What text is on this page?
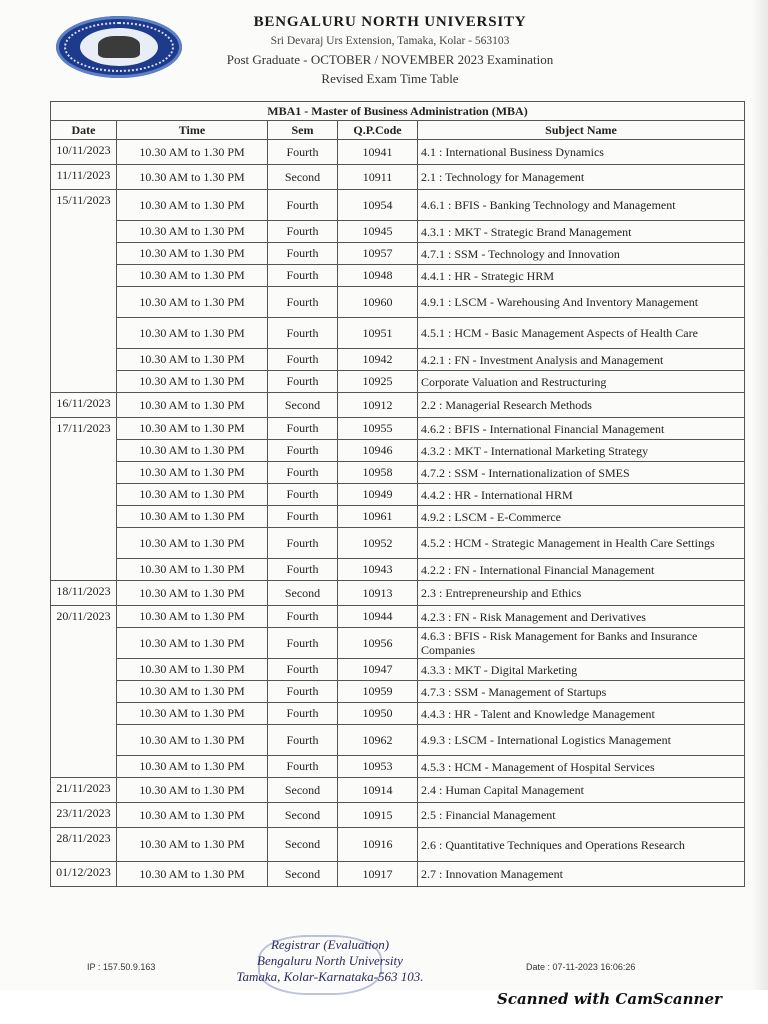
BENGALURU NORTH UNIVERSITY
Sri Devaraj Urs Extension, Tamaka, Kolar - 563103
Post Graduate - OCTOBER / NOVEMBER 2023 Examination
Revised Exam Time Table
MBA1 - Master of Business Administration (MBA)				
Date	Time	Sem	Q.P.Code	Subject Name
10/11/2023	10.30 AM to 1.30 PM	Fourth	10941	4.1 : International Business Dynamics
11/11/2023	10.30 AM to 1.30 PM	Second	10911	2.1 : Technology for Management
15/11/2023	10.30 AM to 1.30 PM	Fourth	10954	4.6.1 : BFIS - Banking Technology and Management
	10.30 AM to 1.30 PM	Fourth	10945	4.3.1 : MKT - Strategic Brand Management
	10.30 AM to 1.30 PM	Fourth	10957	4.7.1 : SSM - Technology and Innovation
	10.30 AM to 1.30 PM	Fourth	10948	4.4.1 : HR - Strategic HRM
	10.30 AM to 1.30 PM	Fourth	10960	4.9.1 : LSCM - Warehousing And Inventory Management
	10.30 AM to 1.30 PM	Fourth	10951	4.5.1 : HCM - Basic Management Aspects of Health Care
	10.30 AM to 1.30 PM	Fourth	10942	4.2.1 : FN - Investment Analysis and Management
	10.30 AM to 1.30 PM	Fourth	10925	Corporate Valuation and Restructuring
16/11/2023	10.30 AM to 1.30 PM	Second	10912	2.2 : Managerial Research Methods
17/11/2023	10.30 AM to 1.30 PM	Fourth	10955	4.6.2 : BFIS - International Financial Management
	10.30 AM to 1.30 PM	Fourth	10946	4.3.2 : MKT - International Marketing Strategy
	10.30 AM to 1.30 PM	Fourth	10958	4.7.2 : SSM - Internationalization of SMES
	10.30 AM to 1.30 PM	Fourth	10949	4.4.2 : HR - International HRM
	10.30 AM to 1.30 PM	Fourth	10961	4.9.2 : LSCM - E-Commerce
	10.30 AM to 1.30 PM	Fourth	10952	4.5.2 : HCM - Strategic Management in Health Care Settings
	10.30 AM to 1.30 PM	Fourth	10943	4.2.2 : FN - International Financial Management
18/11/2023	10.30 AM to 1.30 PM	Second	10913	2.3 : Entrepreneurship and Ethics
20/11/2023	10.30 AM to 1.30 PM	Fourth	10944	4.2.3 : FN - Risk Management and Derivatives
	10.30 AM to 1.30 PM	Fourth	10956	4.6.3 : BFIS - Risk Management for Banks and Insurance Companies
	10.30 AM to 1.30 PM	Fourth	10947	4.3.3 : MKT - Digital Marketing
	10.30 AM to 1.30 PM	Fourth	10959	4.7.3 : SSM - Management of Startups
	10.30 AM to 1.30 PM	Fourth	10950	4.4.3 : HR - Talent and Knowledge Management
	10.30 AM to 1.30 PM	Fourth	10962	4.9.3 : LSCM - International Logistics Management
	10.30 AM to 1.30 PM	Fourth	10953	4.5.3 : HCM - Management of Hospital Services
21/11/2023	10.30 AM to 1.30 PM	Second	10914	2.4 : Human Capital Management
23/11/2023	10.30 AM to 1.30 PM	Second	10915	2.5 : Financial Management
28/11/2023	10.30 AM to 1.30 PM	Second	10916	2.6 : Quantitative Techniques and Operations Research
01/12/2023	10.30 AM to 1.30 PM	Second	10917	2.7 : Innovation Management
Registrar (Evaluation)
Bengaluru North University
Tamaka, Kolar-Karnataka-563 103.
IP : 157.50.9.163	Date : 07-11-2023 16:06:26
Scanned with CamScanner
